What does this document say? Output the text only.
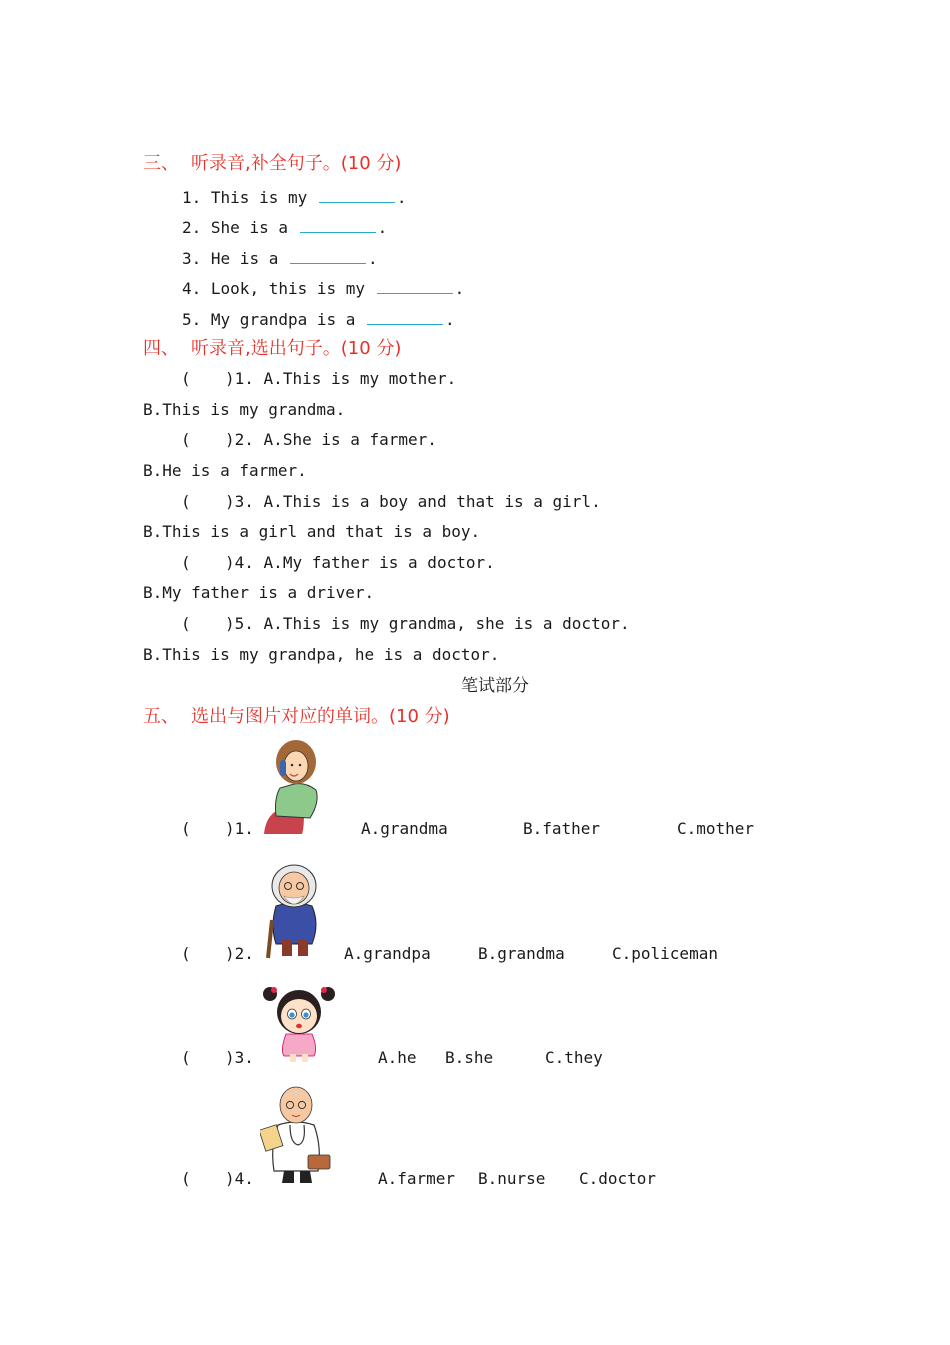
三、 听录音,补全句子。(10 分)
1. This is my	.
2. She is a	.
3. He is a	.
4. Look, this is my	.
5. My grandpa is a	.
四、 听录音,选出句子。(10 分)
( )1. A.This is my mother.
B.This is my grandma.
( )2. A.She is a farmer.
B.He is a farmer.
( )3. A.This is a boy and that is a girl.
B.This is a girl and that is a boy.
( )4. A.My father is a doctor.
B.My father is a driver.
( )5. A.This is my grandma, she is a doctor.
B.This is my grandpa, he is a doctor.
笔试部分
五、 选出与图片对应的单词。(10 分)
( )1.	A.grandma	B.father	C.mother
( )2.	A.grandpa	B.grandma	C.policeman
( )3.	A.he B.she	C.they
( )4.	A.farmer B.nurse C.doctor
